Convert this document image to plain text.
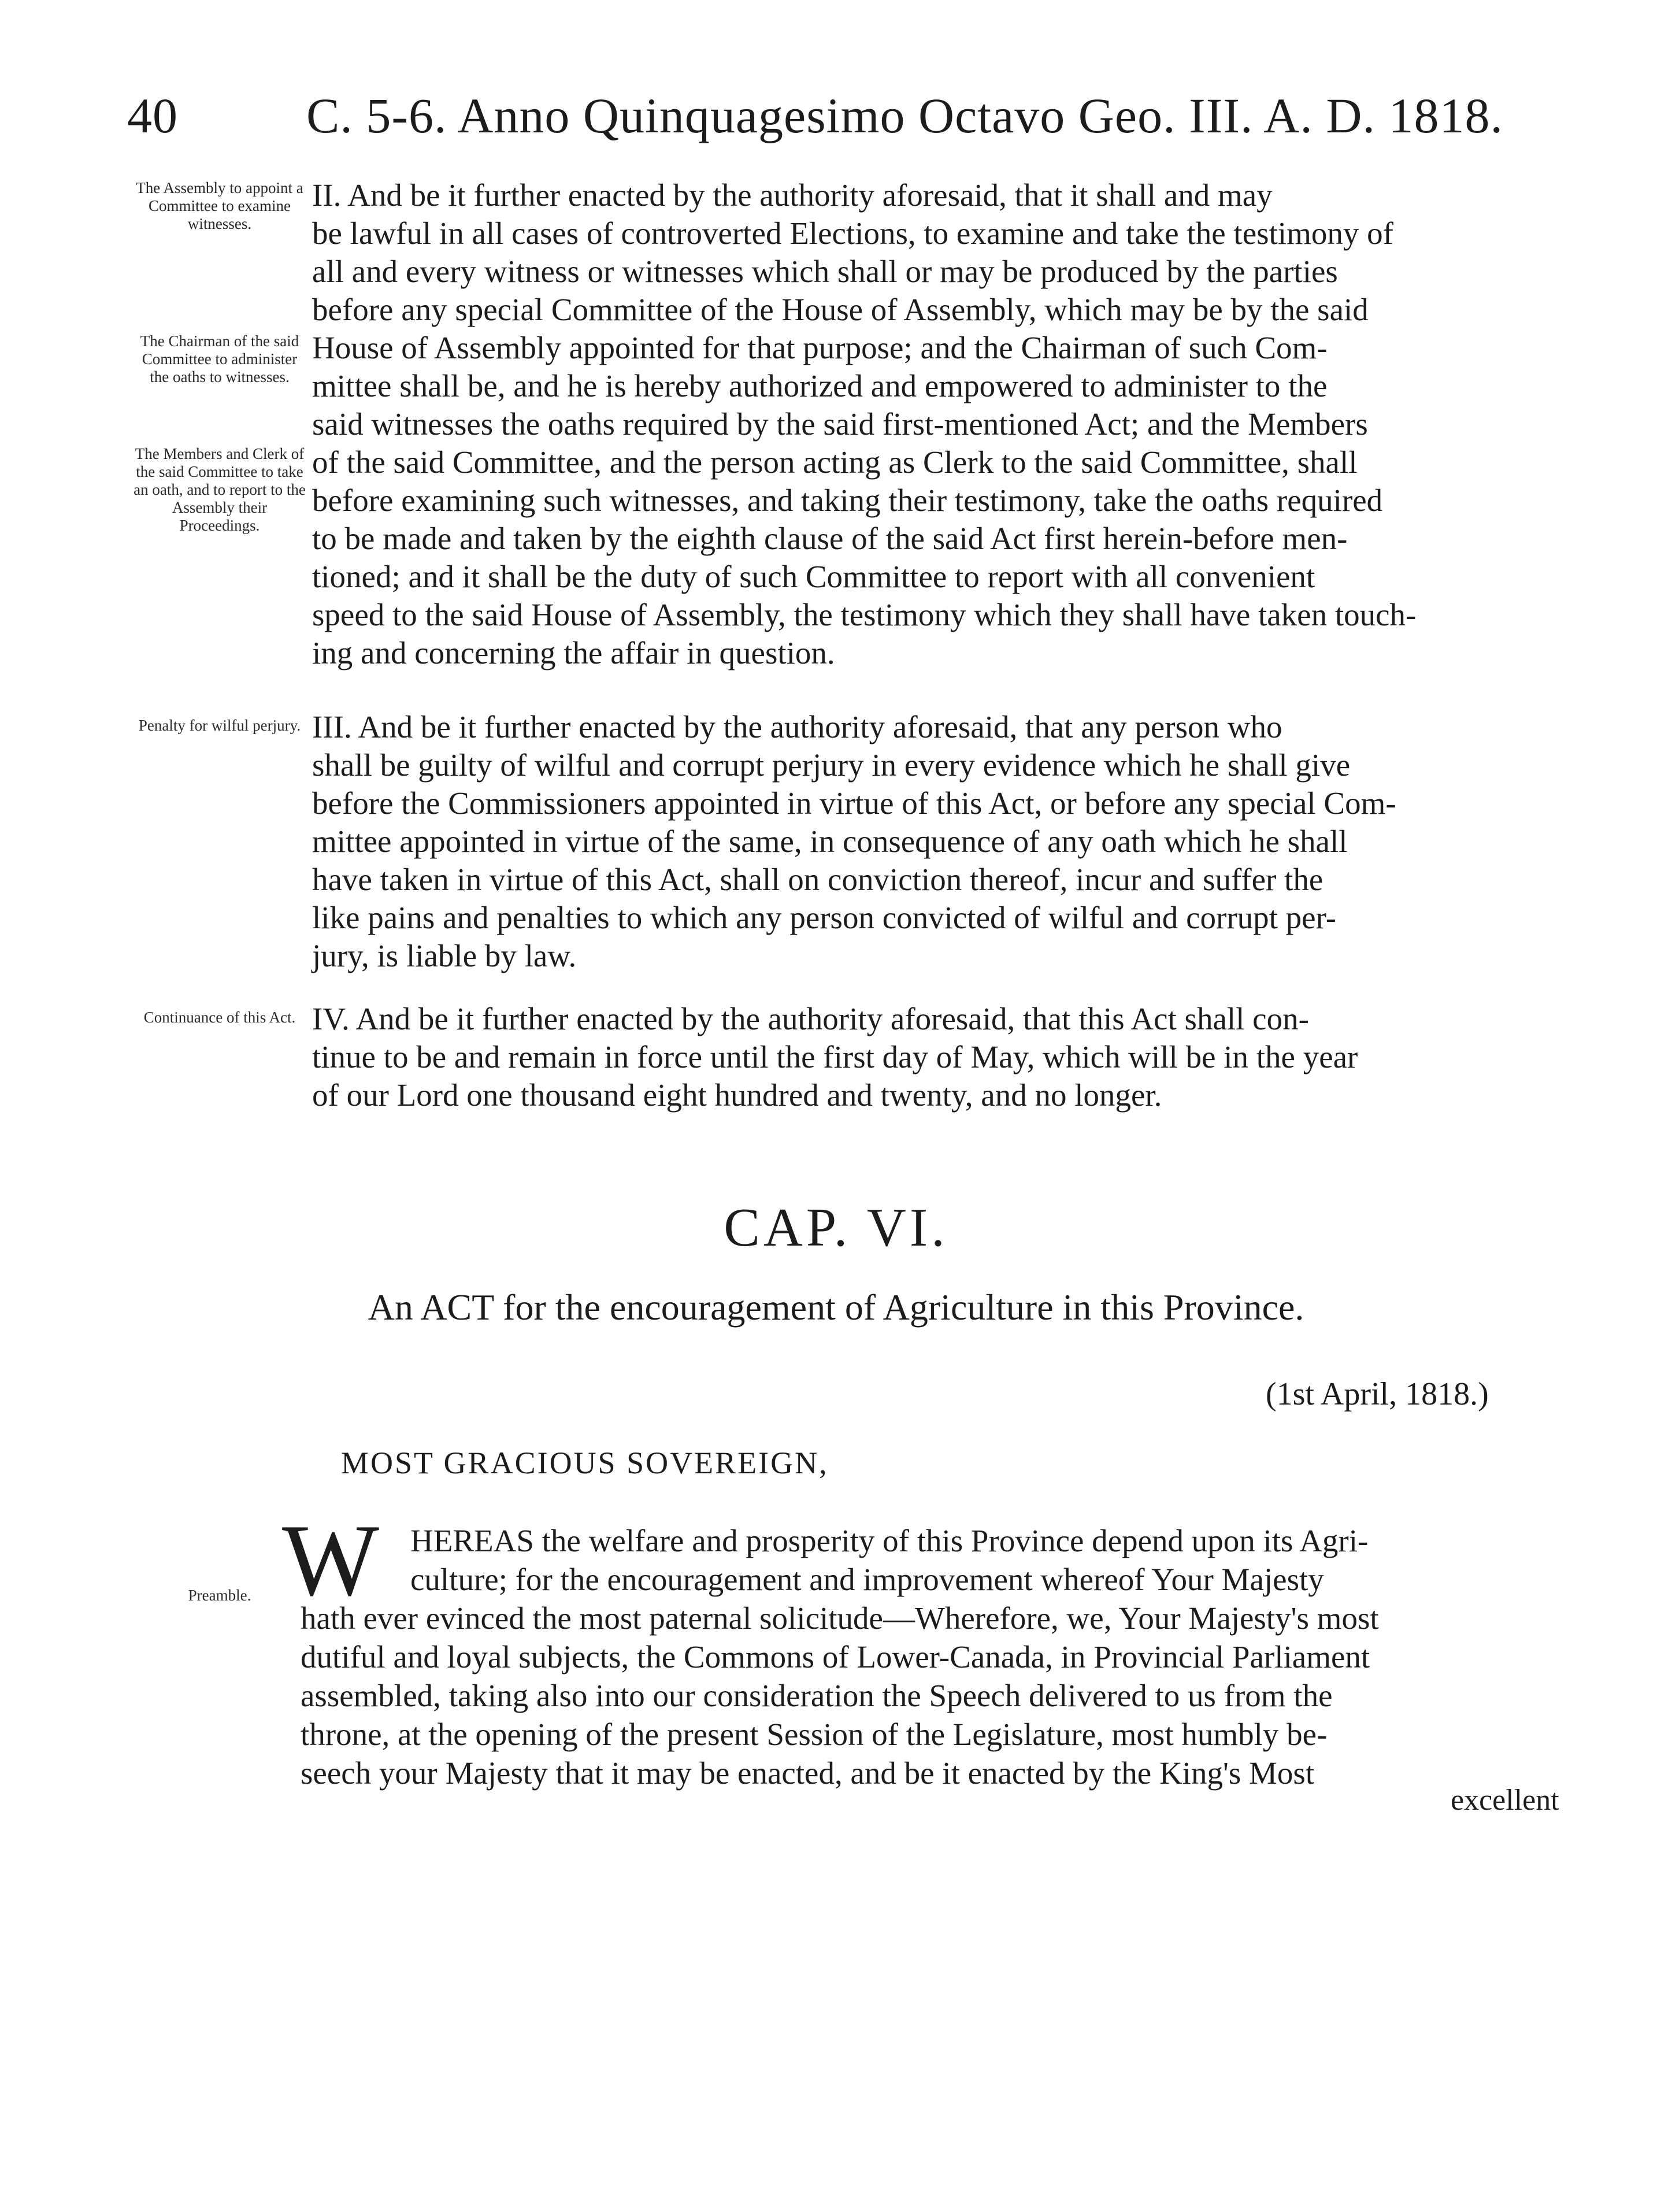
40	C. 5-6. Anno Quinquagesimo Octavo Geo. III. A. D. 1818.
The Assembly to appoint a Committee to examine witnesses.
The Chairman of the said Committee to administer the oaths to witnesses.
The Members and Clerk of the said Committee to take an oath, and to report to the Assembly their Proceedings.
Penalty for wilful perjury.
Continuance of this Act.
Preamble.
II. And be it further enacted by the authority aforesaid, that it shall and may
be lawful in all cases of controverted Elections, to examine and take the testimony of
all and every witness or witnesses which shall or may be produced by the parties
before any special Committee of the House of Assembly, which may be by the said
House of Assembly appointed for that purpose; and the Chairman of such Com-
mittee shall be, and he is hereby authorized and empowered to administer to the
said witnesses the oaths required by the said first-mentioned Act; and the Members
of the said Committee, and the person acting as Clerk to the said Committee, shall
before examining such witnesses, and taking their testimony, take the oaths required
to be made and taken by the eighth clause of the said Act first herein-before men-
tioned; and it shall be the duty of such Committee to report with all convenient
speed to the said House of Assembly, the testimony which they shall have taken touch-
ing and concerning the affair in question.
III. And be it further enacted by the authority aforesaid, that any person who
shall be guilty of wilful and corrupt perjury in every evidence which he shall give
before the Commissioners appointed in virtue of this Act, or before any special Com-
mittee appointed in virtue of the same, in consequence of any oath which he shall
have taken in virtue of this Act, shall on conviction thereof, incur and suffer the
like pains and penalties to which any person convicted of wilful and corrupt per-
jury, is liable by law.
IV. And be it further enacted by the authority aforesaid, that this Act shall con-
tinue to be and remain in force until the first day of May, which will be in the year
of our Lord one thousand eight hundred and twenty, and no longer.
CAP. VI.
An ACT for the encouragement of Agriculture in this Province.
(1st April, 1818.)
MOST GRACIOUS SOVEREIGN,
W HEREAS the welfare and prosperity of this Province depend upon its Agri-
culture; for the encouragement and improvement whereof Your Majesty
hath ever evinced the most paternal solicitude—Wherefore, we, Your Majesty's most
dutiful and loyal subjects, the Commons of Lower-Canada, in Provincial Parliament
assembled, taking also into our consideration the Speech delivered to us from the
throne, at the opening of the present Session of the Legislature, most humbly be-
seech your Majesty that it may be enacted, and be it enacted by the King's Most
excellent
